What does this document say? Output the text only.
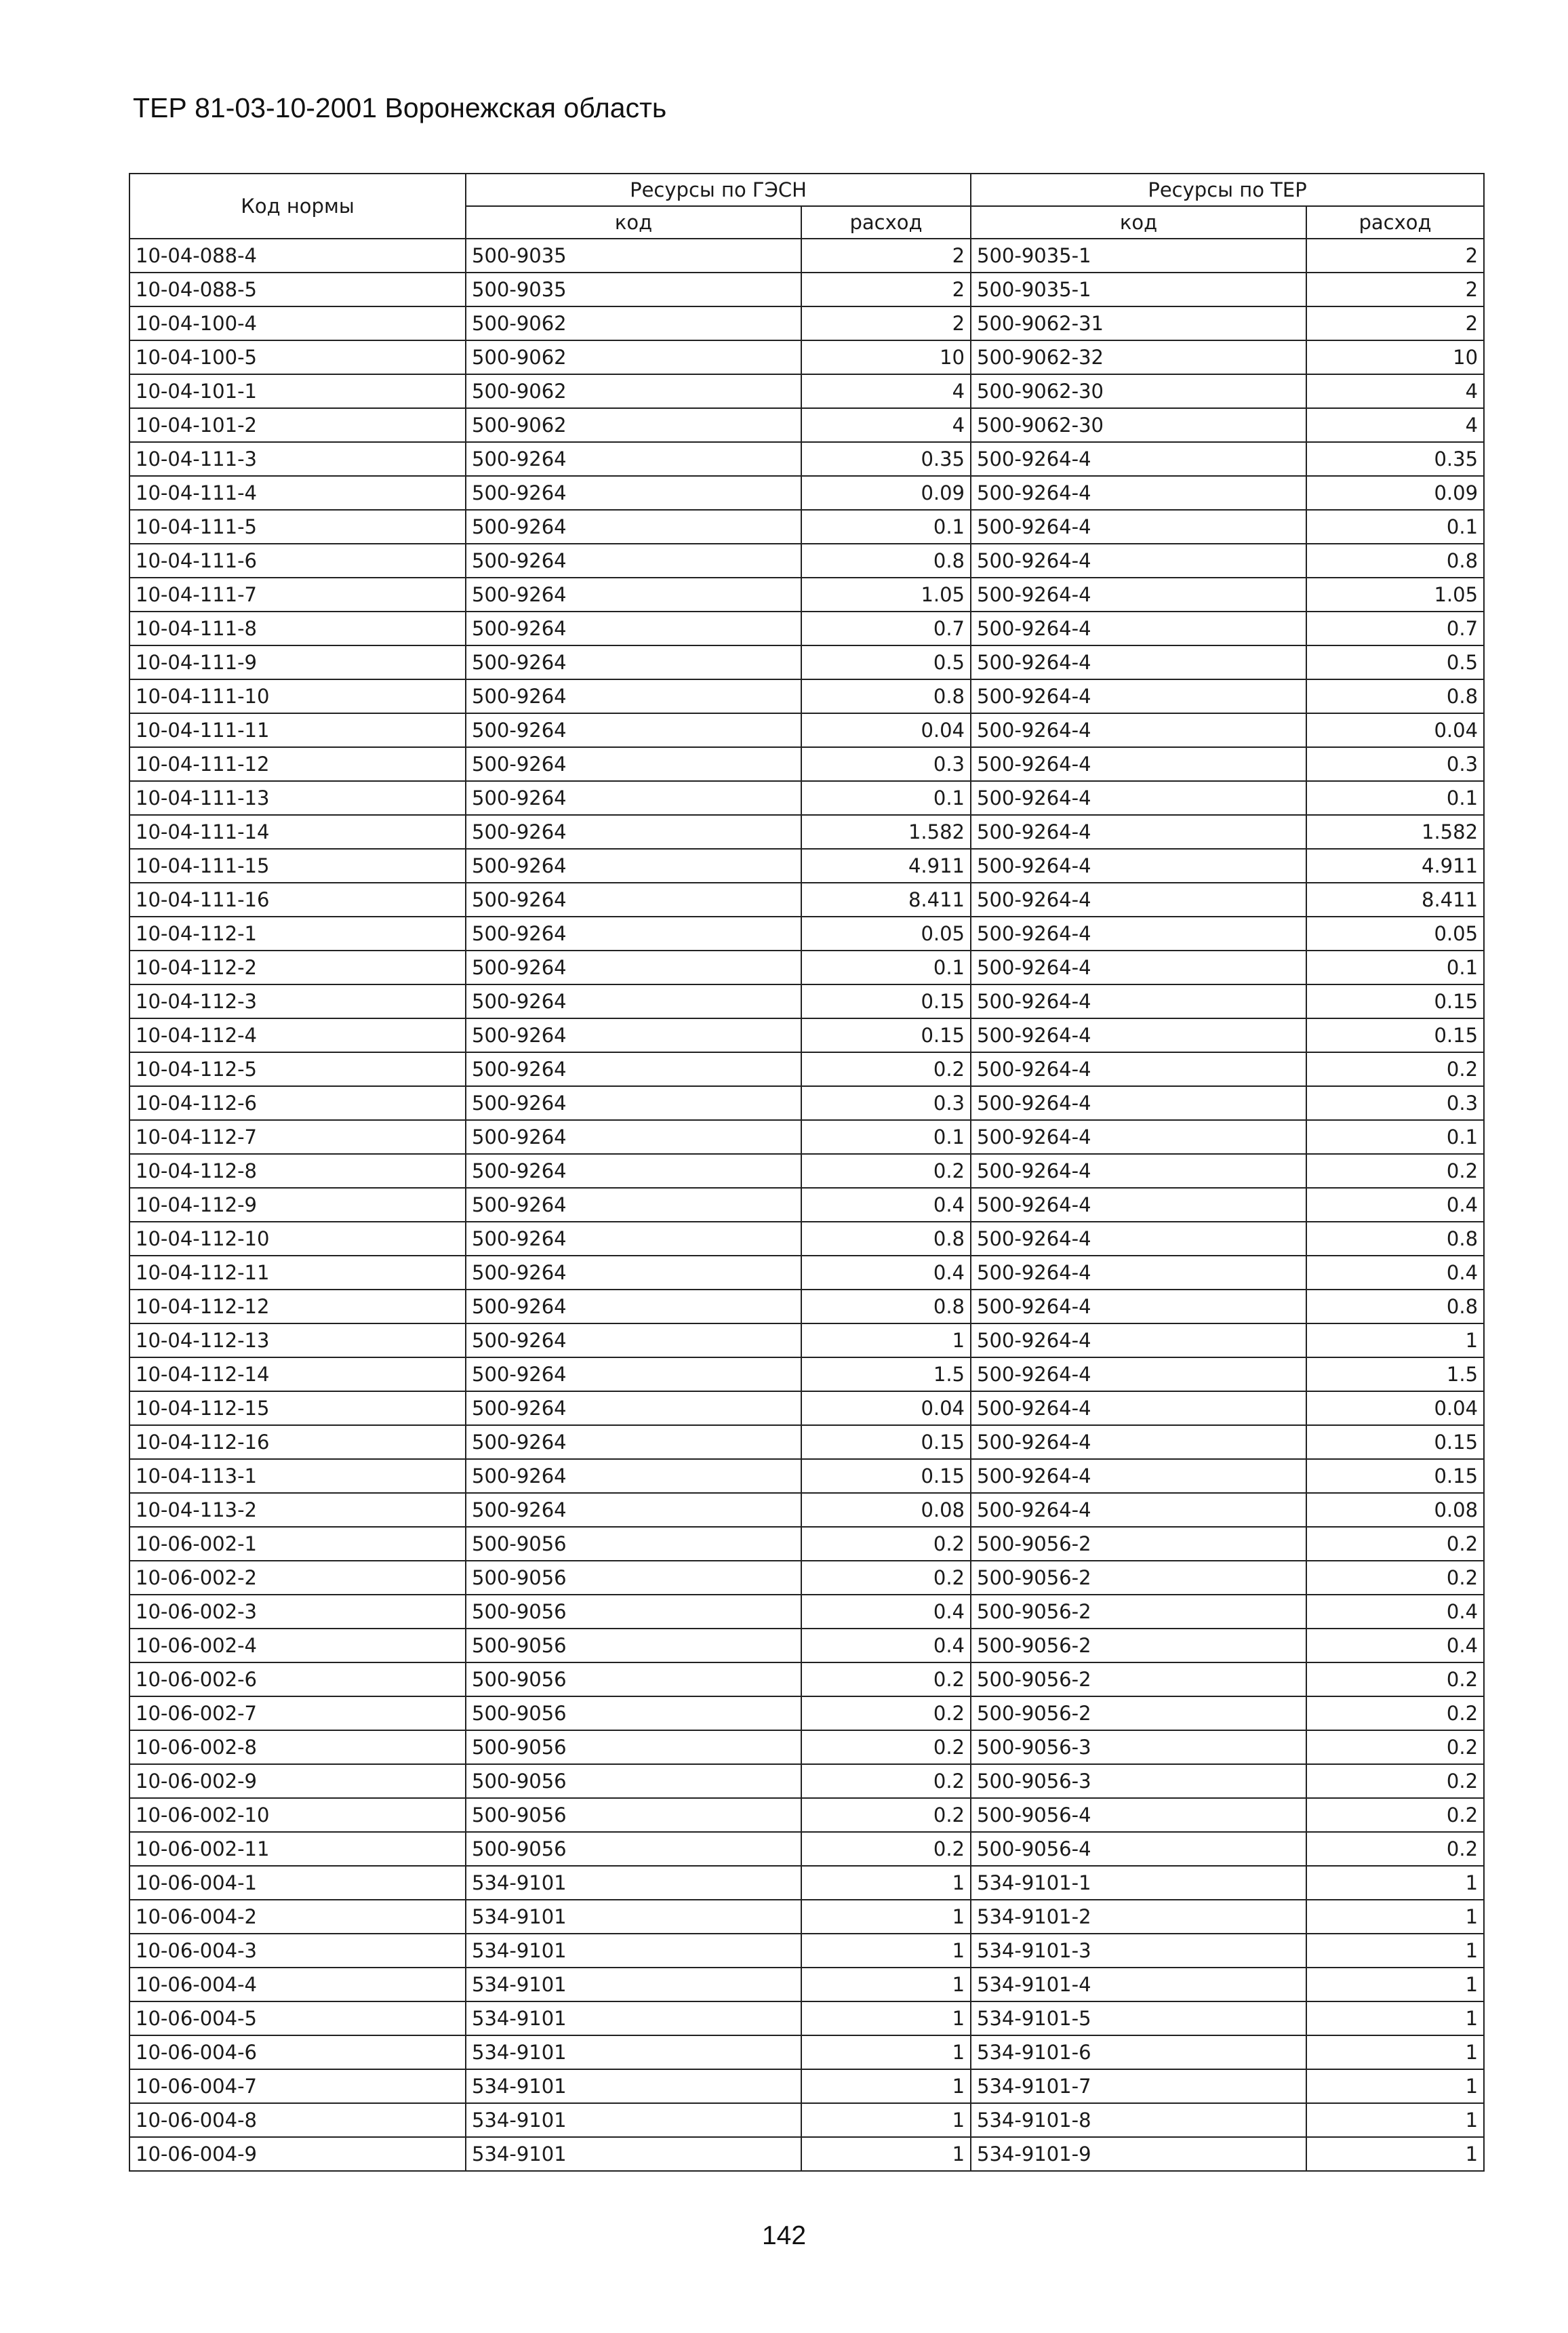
ТЕР 81-03-10-2001 Воронежская область
Код нормы	Ресурсы по ГЭСН		Ресурсы по ТЕР	
	код	расход	код	расход
10-04-088-4	500-9035	2	500-9035-1	2
10-04-088-5	500-9035	2	500-9035-1	2
10-04-100-4	500-9062	2	500-9062-31	2
10-04-100-5	500-9062	10	500-9062-32	10
10-04-101-1	500-9062	4	500-9062-30	4
10-04-101-2	500-9062	4	500-9062-30	4
10-04-111-3	500-9264	0.35	500-9264-4	0.35
10-04-111-4	500-9264	0.09	500-9264-4	0.09
10-04-111-5	500-9264	0.1	500-9264-4	0.1
10-04-111-6	500-9264	0.8	500-9264-4	0.8
10-04-111-7	500-9264	1.05	500-9264-4	1.05
10-04-111-8	500-9264	0.7	500-9264-4	0.7
10-04-111-9	500-9264	0.5	500-9264-4	0.5
10-04-111-10	500-9264	0.8	500-9264-4	0.8
10-04-111-11	500-9264	0.04	500-9264-4	0.04
10-04-111-12	500-9264	0.3	500-9264-4	0.3
10-04-111-13	500-9264	0.1	500-9264-4	0.1
10-04-111-14	500-9264	1.582	500-9264-4	1.582
10-04-111-15	500-9264	4.911	500-9264-4	4.911
10-04-111-16	500-9264	8.411	500-9264-4	8.411
10-04-112-1	500-9264	0.05	500-9264-4	0.05
10-04-112-2	500-9264	0.1	500-9264-4	0.1
10-04-112-3	500-9264	0.15	500-9264-4	0.15
10-04-112-4	500-9264	0.15	500-9264-4	0.15
10-04-112-5	500-9264	0.2	500-9264-4	0.2
10-04-112-6	500-9264	0.3	500-9264-4	0.3
10-04-112-7	500-9264	0.1	500-9264-4	0.1
10-04-112-8	500-9264	0.2	500-9264-4	0.2
10-04-112-9	500-9264	0.4	500-9264-4	0.4
10-04-112-10	500-9264	0.8	500-9264-4	0.8
10-04-112-11	500-9264	0.4	500-9264-4	0.4
10-04-112-12	500-9264	0.8	500-9264-4	0.8
10-04-112-13	500-9264	1	500-9264-4	1
10-04-112-14	500-9264	1.5	500-9264-4	1.5
10-04-112-15	500-9264	0.04	500-9264-4	0.04
10-04-112-16	500-9264	0.15	500-9264-4	0.15
10-04-113-1	500-9264	0.15	500-9264-4	0.15
10-04-113-2	500-9264	0.08	500-9264-4	0.08
10-06-002-1	500-9056	0.2	500-9056-2	0.2
10-06-002-2	500-9056	0.2	500-9056-2	0.2
10-06-002-3	500-9056	0.4	500-9056-2	0.4
10-06-002-4	500-9056	0.4	500-9056-2	0.4
10-06-002-6	500-9056	0.2	500-9056-2	0.2
10-06-002-7	500-9056	0.2	500-9056-2	0.2
10-06-002-8	500-9056	0.2	500-9056-3	0.2
10-06-002-9	500-9056	0.2	500-9056-3	0.2
10-06-002-10	500-9056	0.2	500-9056-4	0.2
10-06-002-11	500-9056	0.2	500-9056-4	0.2
10-06-004-1	534-9101	1	534-9101-1	1
10-06-004-2	534-9101	1	534-9101-2	1
10-06-004-3	534-9101	1	534-9101-3	1
10-06-004-4	534-9101	1	534-9101-4	1
10-06-004-5	534-9101	1	534-9101-5	1
10-06-004-6	534-9101	1	534-9101-6	1
10-06-004-7	534-9101	1	534-9101-7	1
10-06-004-8	534-9101	1	534-9101-8	1
10-06-004-9	534-9101	1	534-9101-9	1
142
